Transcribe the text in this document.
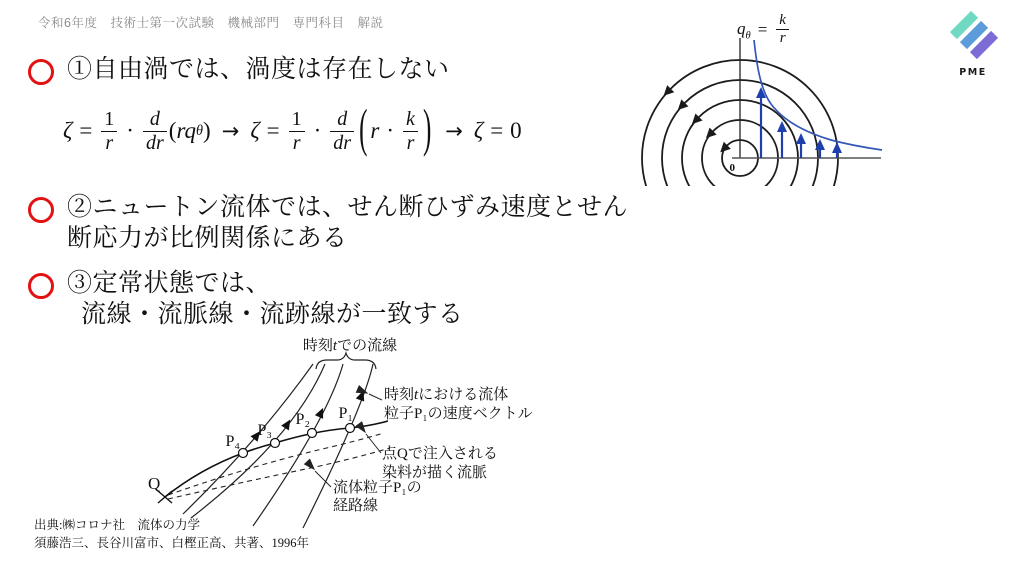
令和6年度　技術士第一次試験　機械部門　専門科目　解説
PME
$q_\theta = \frac{k}{r}$
0
①自由渦では、渦度は存在しない
$\zeta = \frac{1}{r} \cdot \frac{d}{dr}$ ( rq θ ) → $\zeta = \frac{1}{r} \cdot \frac{d}{dr}$ ( $r \cdot \frac{k}{r}$ ) → ζ = 0
②ニュートン流体では、せん断ひずみ速度とせん
断応力が比例関係にある
③定常状態では、
流線・流脈線・流跡線が一致する
時刻tでの流線
時刻tにおける流体
粒子P₁の速度ベクトル
点Qで注入される
染料が描く流脈
流体粒子P₁の
経路線
P₄
P₃
P₂ P₁
Q
出典:㈱コロナ社　流体の力学
須藤浩三、長谷川富市、白樫正高、共著、1996年
